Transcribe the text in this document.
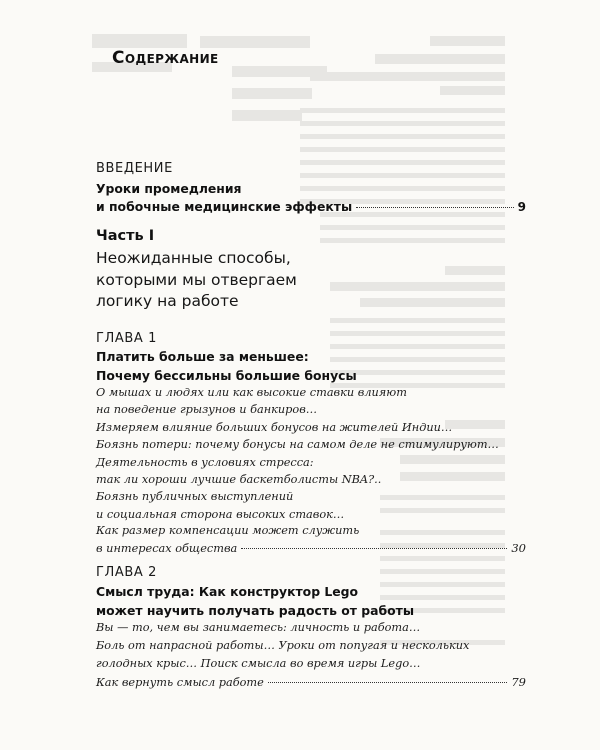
Содержание
ВВЕДЕНИЕ
Уроки промедления
и побочные медицинские эффекты	9
Часть I
Неожиданные способы,
которыми мы отвергаем
логику на работе
ГЛАВА 1
Платить больше за меньшее:
Почему бессильны большие бонусы
О мышах и людях или как высокие ставки влияют
на поведение грызунов и банкиров…
Измеряем влияние больших бонусов на жителей Индии…
Боязнь потери: почему бонусы на самом деле не стимулируют…
Деятельность в условиях стресса:
так ли хороши лучшие баскетболисты NBA?..
Боязнь публичных выступлений
и социальная сторона высоких ставок…
Как размер компенсации может служить
в интересах общества	30
ГЛАВА 2
Смысл труда: Как конструктор Lego
может научить получать радость от работы
Вы — то, чем вы занимаетесь: личность и работа…
Боль от напрасной работы… Уроки от попугая и нескольких
голодных крыс… Поиск смысла во время игры Lego…
Как вернуть смысл работе	79
